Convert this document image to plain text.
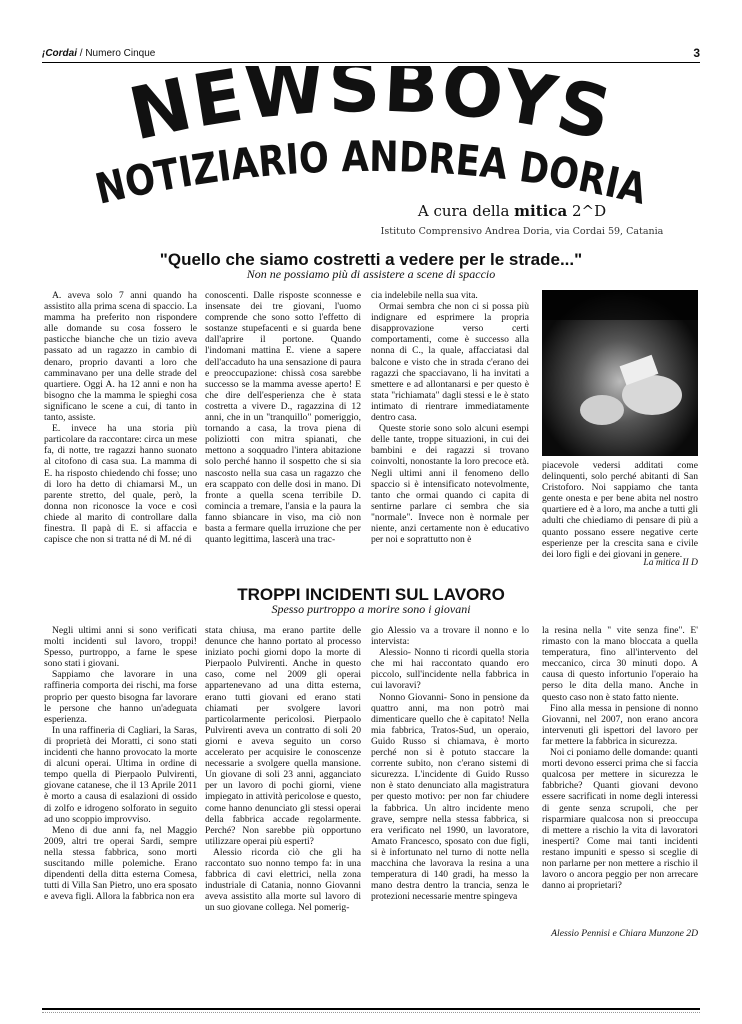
¡Cordai / Numero Cinque	3
NEWSBOYS
NOTIZIARIO ANDREA DORIA
A cura della mitica 2^D
Istituto Comprensivo Andrea Doria, via Cordai 59, Catania
"Quello che siamo costretti a vedere per le strade..."
Non ne possiamo più di assistere a scene di spaccio

A. aveva solo 7 anni quando ha assistito alla prima scena di spaccio. La mamma ha preferito non rispondere alle domande su cosa fossero le pasticche bianche che un tizio aveva passato ad un ragazzo in cambio di denaro, proprio davanti a loro che camminavano per una delle strade del quartiere. Oggi A. ha 12 anni e non ha bisogno che la mamma le spieghi cosa significano le scene a cui, di tanto in tanto, assiste.

E. invece ha una storia più particolare da raccontare: circa un mese fa, di notte, tre ragazzi hanno suonato al citofono di casa sua. La mamma di E. ha risposto chiedendo chi fosse; uno di loro ha detto di chiamarsi M., un parente stretto, del quale, però, la donna non riconosce la voce e così chiede al marito di controllare dalla finestra. Il papà di E. si affaccia e capisce che non si tratta né di M. né di

conoscenti. Dalle risposte sconnesse e insensate dei tre giovani, l'uomo comprende che sono sotto l'effetto di sostanze stupefacenti e si guarda bene dall'aprire il portone. Quando l'indomani mattina E. viene a sapere dell'accaduto ha una sensazione di paura e preoccupazione: chissà cosa sarebbe successo se la mamma avesse aperto! E che dire dell'esperienza che è stata costretta a vivere D., ragazzina di 12 anni, che in un "tranquillo" pomeriggio, tornando a casa, la trova piena di poliziotti con mitra spianati, che mettono a soqquadro l'intera abitazione solo perché hanno il sospetto che si sia nascosto nella sua casa un ragazzo che era scappato con delle dosi in mano. Di fronte a quella scena terribile D. comincia a tremare, l'ansia e la paura la fanno sbiancare in viso, ma ciò non basta a fermare quella irruzione che per quanto legittima, lascerà una trac-

cia indelebile nella sua vita.

Ormai sembra che non ci si possa più indignare ed esprimere la propria disapprovazione verso certi comportamenti, come è successo alla nonna di C., la quale, affacciatasi dal balcone e visto che in strada c'erano dei ragazzi che spacciavano, li ha invitati a smettere e ad allontanarsi e per questo è stata "richiamata" dagli stessi e le è stato intimato di rientrare immediatamente dentro casa.

Queste storie sono solo alcuni esempi delle tante, troppe situazioni, in cui dei bambini e dei ragazzi si trovano coinvolti, nonostante la loro precoce età. Negli ultimi anni il fenomeno dello spaccio si è intensificato notevolmente, tanto che ormai quando ci capita di sentirne parlare ci sembra che sia "normale". Invece non è normale per niente, anzi certamente non è educativo per noi e soprattutto non è

piacevole vedersi additati come delinquenti, solo perché abitanti di San Cristoforo. Noi sappiamo che tanta gente onesta e per bene abita nel nostro quartiere ed è a loro, ma anche a tutti gli adulti che chiediamo di pensare di più a quanto possano essere negative certe esperienze per la crescita sana e civile dei loro figli e dei giovani in genere.

La mitica II D
TROPPI INCIDENTI SUL LAVORO
Spesso purtroppo a morire sono i giovani

Negli ultimi anni si sono verificati molti incidenti sul lavoro, troppi! Spesso, purtroppo, a farne le spese sono stati i giovani.

Sappiamo che lavorare in una raffineria comporta dei rischi, ma forse proprio per questo bisogna far lavorare le persone che hanno un'adeguata esperienza.

In una raffineria di Cagliari, la Saras, di proprietà dei Moratti, ci sono stati incidenti che hanno provocato la morte di alcuni operai. Ultima in ordine di tempo quella di Pierpaolo Pulvirenti, giovane catanese, che il 13 Aprile 2011 è morto a causa di esalazioni di ossido di zolfo e idrogeno solforato in seguito ad uno scoppio improvviso.

Meno di due anni fa, nel Maggio 2009, altri tre operai Sardi, sempre nella stessa fabbrica, sono morti suscitando mille polemiche. Erano dipendenti della ditta esterna Comesa, tutti di Villa San Pietro, uno era sposato e aveva figli. Allora la fabbrica non era

stata chiusa, ma erano partite delle denunce che hanno portato al processo iniziato pochi giorni dopo la morte di Pierpaolo Pulvirenti. Anche in questo caso, come nel 2009 gli operai appartenevano ad una ditta esterna, erano tutti giovani ed erano stati chiamati per svolgere lavori particolarmente pericolosi. Pierpaolo Pulvirenti aveva un contratto di soli 20 giorni e aveva seguito un corso accelerato per acquisire le conoscenze necessarie a svolgere quella mansione. Un giovane di soli 23 anni, agganciato per un lavoro di pochi giorni, viene impiegato in attività pericolose e questo, come hanno denunciato gli stessi operai della fabbrica accade regolarmente. Perché? Non sarebbe più opportuno utilizzare operai più esperti?

Alessio ricorda ciò che gli ha raccontato suo nonno tempo fa: in una fabbrica di cavi elettrici, nella zona industriale di Catania, nonno Giovanni aveva assistito alla morte sul lavoro di un suo giovane collega. Nel pomerig-

gio Alessio va a trovare il nonno e lo intervista:

Alessio- Nonno ti ricordi quella storia che mi hai raccontato quando ero piccolo, sull'incidente nella fabbrica in cui lavoravi?

Nonno Giovanni- Sono in pensione da quattro anni, ma non potrò mai dimenticare quello che è capitato! Nella mia fabbrica, Tratos-Sud, un operaio, Guido Russo si chiamava, è morto perché non si è potuto staccare la corrente subito, non c'erano sistemi di sicurezza. L'incidente di Guido Russo non è stato denunciato alla magistratura per questo motivo: per non far chiudere la fabbrica. Un altro incidente meno grave, sempre nella stessa fabbrica, si era verificato nel 1990, un lavoratore, Amato Francesco, sposato con due figli, si è infortunato nel turno di notte nella macchina che lavorava la resina a una temperatura di 140 gradi, ha messo la mano destra dentro la trancia, senza le protezioni necessarie mentre spingeva

la resina nella " vite senza fine". E' rimasto con la mano bloccata a quella temperatura, fino all'intervento del meccanico, circa 30 minuti dopo. A causa di questo infortunio l'operaio ha perso le dita della mano. Anche in questo caso non è stato fatto niente.

Fino alla messa in pensione di nonno Giovanni, nel 2007, non erano ancora intervenuti gli ispettori del lavoro per far mettere la fabbrica in sicurezza.

Noi ci poniamo delle domande: quanti morti devono esserci prima che si faccia qualcosa per mettere in sicurezza le fabbriche? Quanti giovani devono essere sacrificati in nome degli interessi di gente senza scrupoli, che per risparmiare qualcosa non si preoccupa di mettere a rischio la vita di lavoratori inesperti? Come mai tanti incidenti restano impuniti e spesso si sceglie di non parlarne per non mettere a rischio il lavoro o ancora peggio per non arrecare danno ai proprietari?

Alessio Pennisi e Chiara Munzone 2D
